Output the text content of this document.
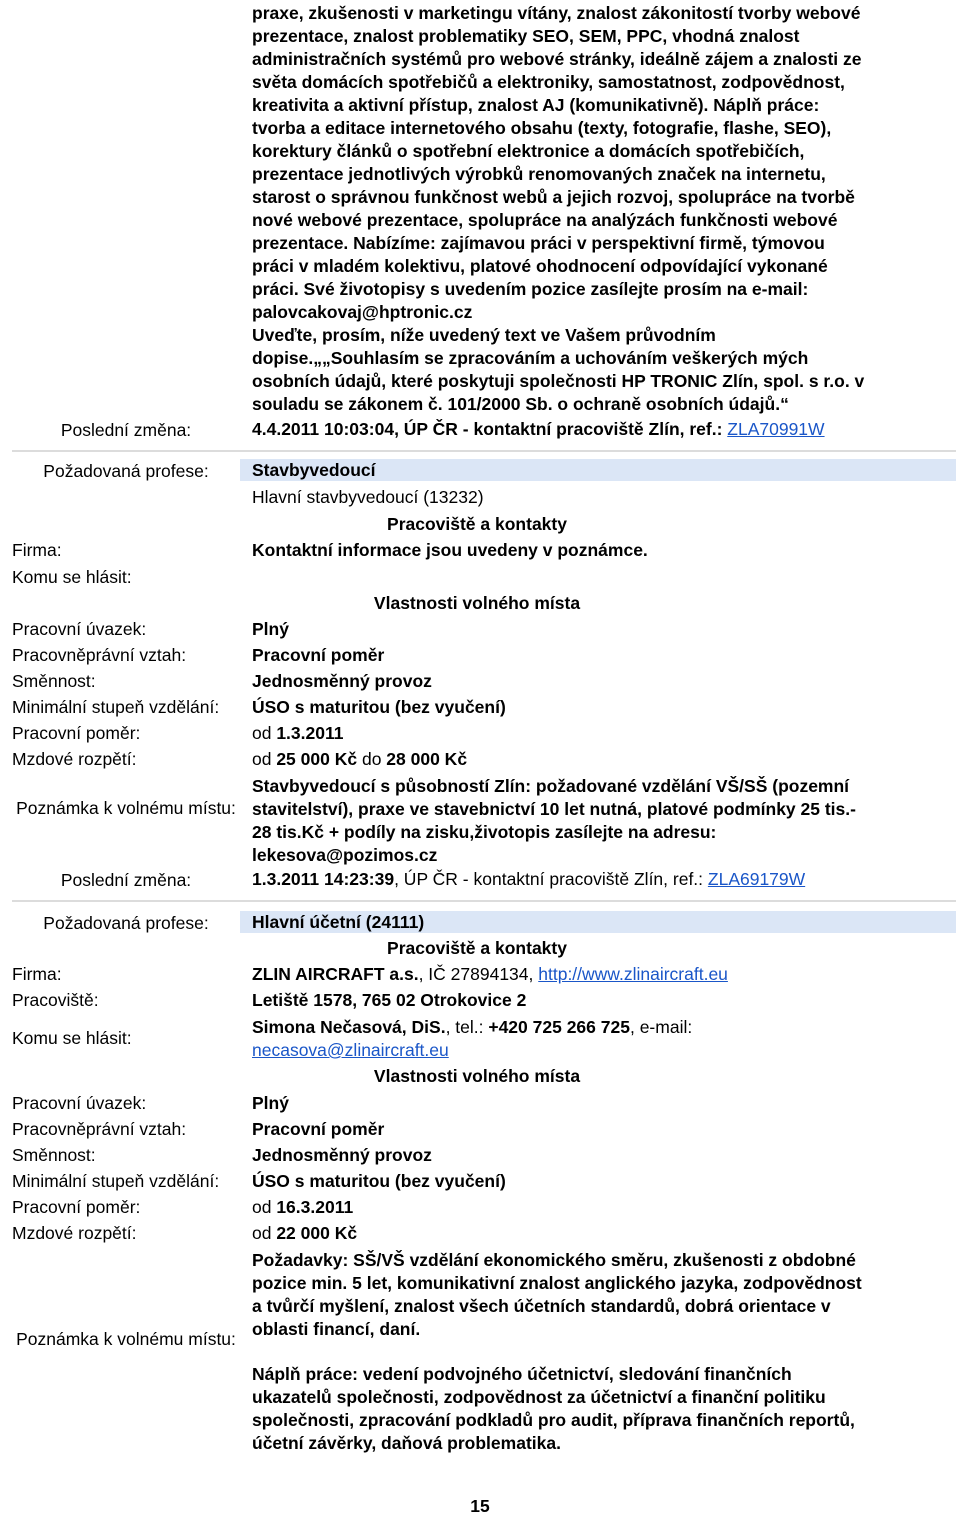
praxe, zkušenosti v marketingu vítány, znalost zákonitostí tvorby webové

prezentace, znalost problematiky SEO, SEM, PPC, vhodná znalost

administračních systémů pro webové stránky, ideálně zájem a znalosti ze

světa domácích spotřebičů a elektroniky, samostatnost, zodpovědnost,

kreativita a aktivní přístup, znalost AJ (komunikativně). Náplň práce:

tvorba a editace internetového obsahu (texty, fotografie, flashe, SEO),

korektury článků o spotřební elektronice a domácích spotřebičích,

prezentace jednotlivých výrobků renomovaných značek na internetu,

starost o správnou funkčnost webů a jejich rozvoj, spolupráce na tvorbě

nové webové prezentace, spolupráce na analýzách funkčnosti webové

prezentace. Nabízíme: zajímavou práci v perspektivní firmě, týmovou

práci v mladém kolektivu, platové ohodnocení odpovídající vykonané

práci. Své životopisy s uvedením pozice zasílejte prosím na e-mail:

palovcakovaj@hptronic.cz

Uveďte, prosím, níže uvedený text ve Vašem průvodním

dopise.„„Souhlasím se zpracováním a uchováním veškerých mých

osobních údajů, které poskytuji společnosti HP TRONIC Zlín, spol. s r.o. v

souladu se zákonem č. 101/2000 Sb. o ochraně osobních údajů.“

Poslední změna:	4.4.2011 10:03:04, ÚP ČR - kontaktní pracoviště Zlín, ref.: ZLA70991W
Požadovaná profese:	Stavbyvedoucí
Hlavní stavbyvedoucí (13232)
Pracoviště a kontakty
Firma:	Kontaktní informace jsou uvedeny v poznámce.
Komu se hlásit:
Vlastnosti volného místa
Pracovní úvazek:	Plný
Pracovněprávní vztah:	Pracovní poměr
Směnnost:	Jednosměnný provoz
Minimální stupeň vzdělání: ÚSO s maturitou (bez vyučení)
Pracovní poměr:	od 1.3.2011
Mzdové rozpětí:	od 25 000 Kč do 28 000 Kč
Poznámka k volnému místu:

Stavbyvedoucí s působností Zlín: požadované vzdělání VŠ/SŠ (pozemní

stavitelství), praxe ve stavebnictví 10 let nutná, platové podmínky 25 tis.-

28 tis.Kč + podíly na zisku,životopis zasílejte na adresu:

lekesova@pozimos.cz

Poslední změna:	1.3.2011 14:23:39, ÚP ČR - kontaktní pracoviště Zlín, ref.: ZLA69179W
Požadovaná profese:	Hlavní účetní (24111)
Pracoviště a kontakty
Firma:	ZLIN AIRCRAFT a.s., IČ 27894134, http://www.zlinaircraft.eu
Pracoviště:	Letiště 1578, 765 02 Otrokovice 2
Komu se hlásit:
Simona Nečasová, DiS., tel.: +420 725 266 725, e-mail:
necasova@zlinaircraft.eu
Vlastnosti volného místa
Pracovní úvazek:	Plný
Pracovněprávní vztah:	Pracovní poměr
Směnnost:	Jednosměnný provoz
Minimální stupeň vzdělání: ÚSO s maturitou (bez vyučení)
Pracovní poměr:	od 16.3.2011
Mzdové rozpětí:	od 22 000 Kč
Poznámka k volnému místu:

Požadavky: SŠ/VŠ vzdělání ekonomického směru, zkušenosti z obdobné

pozice min. 5 let, komunikativní znalost anglického jazyka, zodpovědnost

a tvůrčí myšlení, znalost všech účetních standardů, dobrá orientace v

oblasti financí, daní.

Náplň práce: vedení podvojného účetnictví, sledování finančních

ukazatelů společnosti, zodpovědnost za účetnictví a finanční politiku

společnosti, zpracování podkladů pro audit, příprava finančních reportů,

účetní závěrky, daňová problematika.

15
